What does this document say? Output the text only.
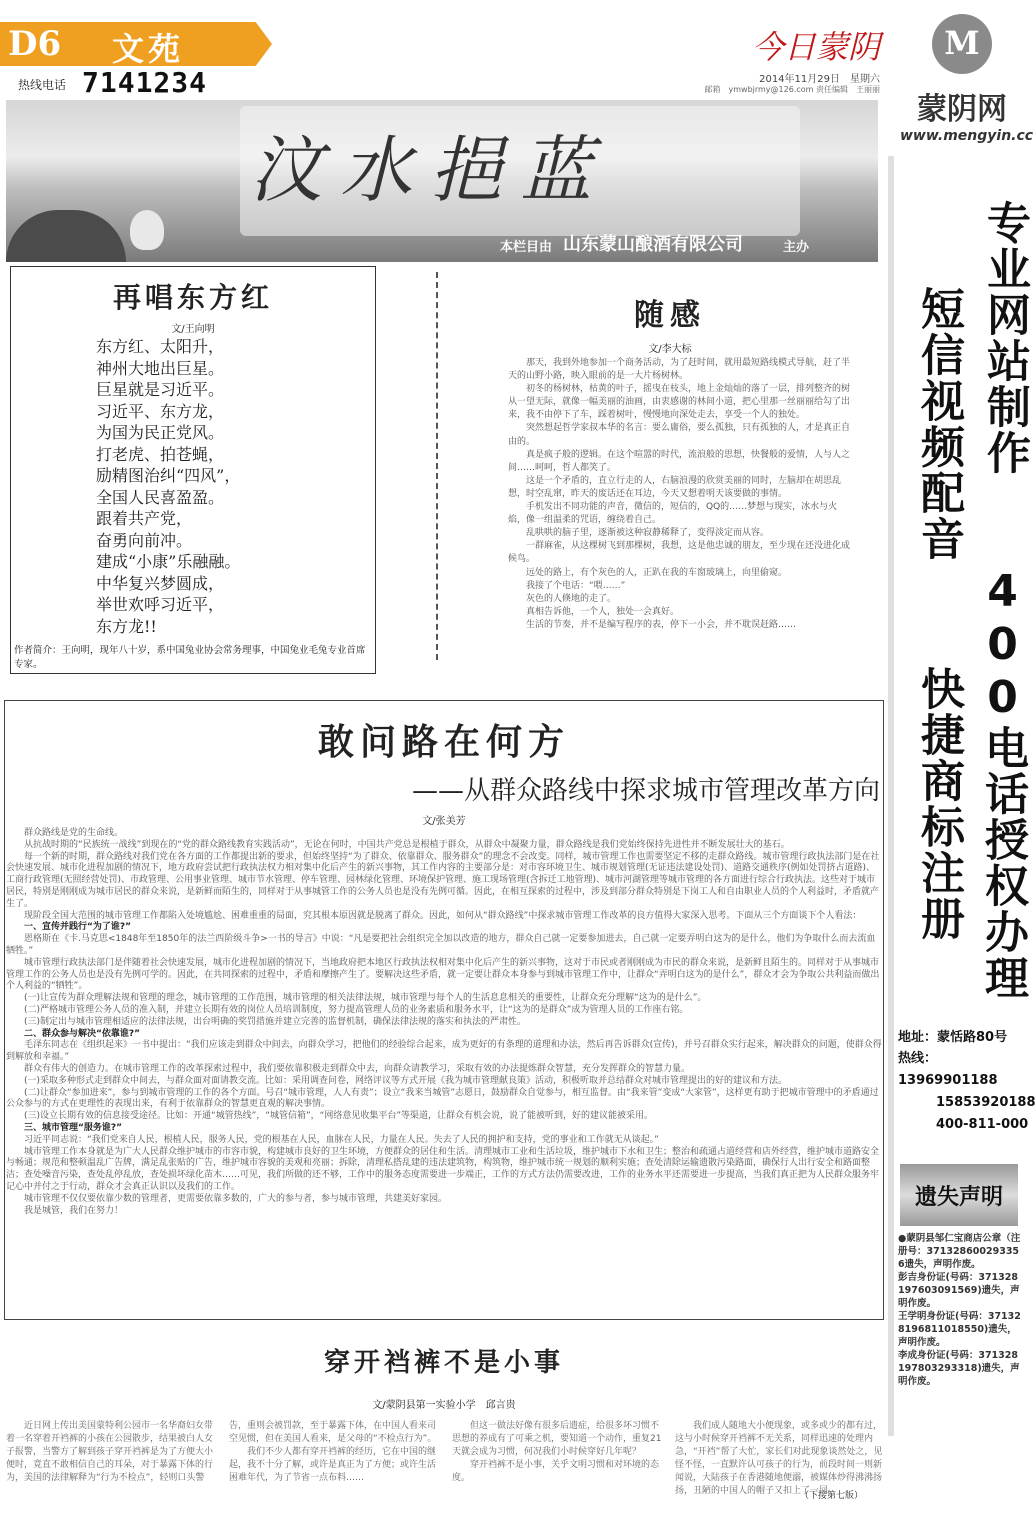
D6 文苑
热线电话 7141234
今日蒙阴
2014年11月29日　星期六
邮箱　ymwbjrmy@126.com 责任编辑　王丽丽
汶水挹蓝
本栏目由 山东蒙山酿酒有限公司	主办
再唱东方红
文/王向明
东方红、太阳升，
神州大地出巨星。
巨星就是习近平。
习近平、东方龙，
为国为民正党风。
打老虎、拍苍蝇，
励精图治纠“四风”，
全国人民喜盈盈。
跟着共产党，
奋勇向前冲。
建成“小康”乐融融。
中华复兴梦圆成，
举世欢呼习近平，
东方龙!!
作者简介：王向明，现年八十岁，系中国兔业协会常务理事，中国兔业毛兔专业首席专家。
随感
文/李大标

那天，我到外地参加一个商务活动，为了赶时间，就用最短路线模式导航，赶了半天的山野小路，映入眼前的是一大片杨树林。

初冬的杨树林，枯黄的叶子，摇曳在枝头，地上金灿灿的落了一层，排列整齐的树从一望无际，就像一幅美丽的油画，由衷感谢的林间小道，把心里那一丝丽丽给勾了出来，我不由停下了车，踩着树叶，慢慢地向深处走去，享受一个人的独处。

突然想起哲学家叔本华的名言：要么庸俗，要么孤独，只有孤独的人，才是真正自由的。

真是疯子般的逻辑。在这个喧嚣的时代，流浪般的思想，快餐般的爱情，人与人之间……呵呵，哲人都笑了。

这是一个矛盾的，直立行走的人，右脑浪漫的欣赏美丽的同时，左脑却在胡思乱想，时空乱窜，昨天的废话还在耳边，今天又想着明天该要做的事情。

手机发出不同功能的声音，微信的，短信的，QQ的……梦想与现实，冰水与火焰，像一组温柔的咒语，缠绕着自己。

乱哄哄的脑子里，逐渐被这种寂静稀释了，变得淡定而从容。

一群麻雀，从这棵树飞到那棵树，我想，这是他忠诚的朋友，至少现在还没进化成候鸟。

远处的路上，有个灰色的人，正趴在我的车窗玻璃上，向里偷窥。

我接了个电话：“喂……”

灰色的人倏地的走了。

真相告诉他，一个人，独处一会真好。

生活的节奏，并不是编写程序的表，停下一小会，并不耽误赶路……

敢问路在何方
——从群众路线中探求城市管理改革方向
文/张美芳

群众路线是党的生命线。

从抗战时期的“民族统一战线”到现在的“党的群众路线教育实践活动”，无论在何时，中国共产党总是根植于群众，从群众中凝聚力量，群众路线是我们党始终保持先进性并不断发展壮大的基石。

每一个新的时期，群众路线对我们党在各方面的工作都提出新的要求，但始终坚持“为了群众、依靠群众、服务群众”的理念不会改变。同样，城市管理工作也需要坚定不移的走群众路线。城市管理行政执法部门是在社会快速发展、城市化进程加剧的情况下，地方政府尝试把行政执法权力相对集中化后产生的新兴事物，其工作内容的主要部分是：对市容环境卫生、城市规划管理(无证违法建设处罚)、道路交通秩序(例如处罚挤占道路)、工商行政管理(无照经营处罚)、市政管理、公用事业管理、城市节水管理、停车管理、园林绿化管理、环境保护管理、施工现场管理(含拆迁工地管理)、城市河湖管理等城市管理的各方面进行综合行政执法。这些对于城市居民，特别是刚刚成为城市居民的群众来说，是新鲜而陌生的，同样对于从事城管工作的公务人员也是没有先例可循。因此，在相互探索的过程中，涉及到部分群众特别是下岗工人和自由职业人员的个人利益时，矛盾就产生了。

现阶段全国大范围的城市管理工作都陷入处境尴尬、困难重重的局面，究其根本原因就是脱离了群众。因此，如何从“群众路线”中探求城市管理工作改革的良方值得大家深入思考。下面从三个方面谈下个人看法：

一、宣传并践行“为了谁?”

恩格斯在《卡.马克思<1848年至1850年的法兰西阶级斗争>一书的导言》中说：“凡是要把社会组织完全加以改造的地方，群众自己就一定要参加进去，自己就一定要弄明白这为的是什么，他们为争取什么而去流血牺牲。”

城市管理行政执法部门是伴随着社会快速发展，城市化进程加剧的情况下，当地政府把本地区行政执法权相对集中化后产生的新兴事物，这对于市民或者刚刚成为市民的群众来说，是新鲜且陌生的。同样对于从事城市管理工作的公务人员也是没有先例可学的。因此，在共同探索的过程中，矛盾和摩擦产生了。要解决这些矛盾，就一定要让群众本身参与到城市管理工作中，让群众“弄明白这为的是什么”，群众才会为争取公共利益而做出个人利益的“牺牲”。

(一)让宣传为群众理解法规和管理的理念，城市管理的工作范围，城市管理的相关法律法规，城市管理与每个人的生活息息相关的重要性，让群众充分理解“这为的是什么”。

(二)严格城市管理公务人员的准入制，并建立长期有效的岗位人员培训制度，努力提高管理人员的业务素质和服务水平，让“这为的是群众”成为管理人员的工作座右铭。

(三)制定出与城市管理相适应的法律法规，出台明确的奖罚措施并建立完善的监督机制，确保法律法规的落实和执法的严肃性。

二、群众参与解决“依靠谁?”

毛泽东同志在《组织起来》一书中提出：“我们应该走到群众中间去，向群众学习，把他们的经验综合起来，成为更好的有条理的道理和办法，然后再告诉群众(宣传)，并号召群众实行起来，解决群众的问题，使群众得到解放和幸福。”

群众有伟大的创造力。在城市管理工作的改革探索过程中，我们要依靠积极走到群众中去，向群众请教学习，采取有效的办法提炼群众智慧，充分发挥群众的智慧力量。

(一)采取多种形式走到群众中间去，与群众面对面请教交流。比如：采用调查问卷，网络评议等方式开展《我为城市管理献良策》活动，积极听取并总结群众对城市管理提出的好的建议和方法。

(二)让群众“参加进来”，参与到城市管理的工作的各个方面。号召“城市管理，人人有责”；设立“我来当城管”志愿日，鼓励群众自觉参与，相互监督。由“我来管”变成“大家管”，这样更有助于把城市管理中的矛盾通过公众参与的方式在更理性的表现出来，有利于依靠群众的智慧更直观的解决事情。

(三)设立长期有效的信息接受途径。比如：开通“城管热线”，“城管信箱”，“网络意见收集平台”等渠道，让群众有机会说，说了能被听到，好的建议能被采用。

三、城市管理“服务谁?”

习近平同志说：“我们党来自人民，根植人民，服务人民，党的根基在人民，血脉在人民，力量在人民。失去了人民的拥护和支持，党的事业和工作就无从谈起。”

城市管理工作本身就是为广大人民群众维护城市的市容市貌，构建城市良好的卫生环境，方便群众的居住和生活。清理城市工业和生活垃圾，维护城市下水和卫生；整治和疏通占道经营和店外经营，维护城市道路安全与畅通；规范和整顿温乱广告牌，满足乱张贴的广告，维护城市容貌的美观和亮丽；拆除，清理私搭乱建的违法建筑物，构筑物，维护城市统一规划的顺利实施；查处清除运输遗散污染路面，确保行人出行安全和路面整洁；查处噪音污染，查处乱停乱放，查处损坏绿化苗木……可见，我们所做的还不够，工作中的服务态度需要进一步端正，工作的方式方法仍需要改进，工作的业务水平还需要进一步提高，当我们真正把为人民群众服务牢记心中并付之于行动，群众才会真正认识以及我们的工作。

城市管理不仅仅要依靠少数的管理者，更需要依靠多数的，广大的参与者，参与城市管理，共建美好家园。

我是城管，我们在努力！

穿开裆裤不是小事
文/蒙阴县第一实验小学　邱言贵

近日网上传出美国蒙特利公园市一名华裔妇女带着一名穿着开裆裤的小孩在公园散步，结果被白人女子报警，当警方了解到孩子穿开裆裤是为了方便大小便时，竟直不敢相信自己的耳朵，对于暴露下体的行为，美国的法律解释为“行为不检点”，轻则口头警告，重则会被罚款，至于暴露下体，在中国人看来司空见惯，但在美国人看来，是父母的“不检点行为”。

我们不少人都有穿开裆裤的经历，它在中国的继起，我不十分了解，或许是真正为了方便；或许生活困难年代，为了节省一点布料……

但这一做法好像有很多后遗症，给很多坏习惯不思想的养成有了可乘之机，要知道一个动作，重复21天就会成为习惯，何况我们小时候穿好几年呢？

穿开裆裤不是小事，关乎文明习惯和对环境的态度。

我们成人随地大小便现象，或多或少的都有过，这与小时候穿开裆裤不无关系，同样迅速的处理内急，“开裆”帮了大忙，家长们对此现象谈然处之，见怪不怪，一直默许认可孩子的行为，前段时间一则新闻说，大陆孩子在香港随地便溺，被媒体炒得沸沸扬扬，丑陋的中国人的帽子又扣上了一回。

（下接第七版）
M
蒙阴网
www.mengyin.cc
专业网站制作
短信视频配音
400电话授权办理
快捷商标注册
地址：蒙恬路80号
热线：13969901188
15853920188
400-811-000
遗失声明

●蒙阴县邹仁宝商店公章（注册号：371328600293356遗失，声明作废。

彭吉身份证(号码：371328197603091569)遗失，声明作废。

王学明身份证(号码：371328196811018550)遗失，声明作废。

李成身份证(号码：371328197803293318)遗失，声明作废。
